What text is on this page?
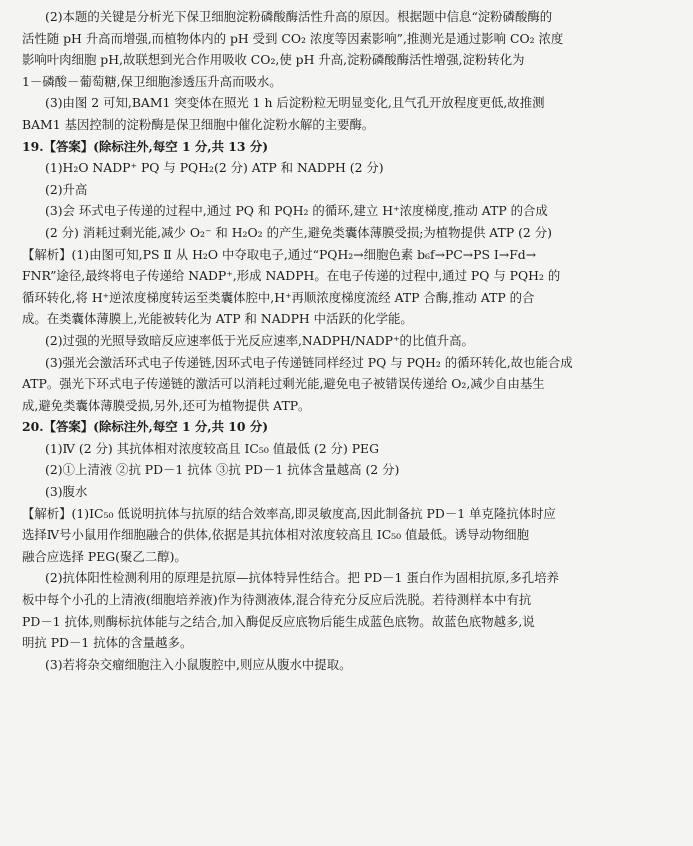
(2)本题的关键是分析光下保卫细胞淀粉磷酸酶活性升高的原因。根据题中信息“淀粉磷酸酶的
活性随 pH 升高而增强,而植物体内的 pH 受到 CO₂ 浓度等因素影响”,推测光是通过影响 CO₂ 浓度
影响叶肉细胞 pH,故联想到光合作用吸收 CO₂,使 pH 升高,淀粉磷酸酶活性增强,淀粉转化为
1－磷酸－葡萄糖,保卫细胞渗透压升高而吸水。
(3)由图 2 可知,BAM1 突变体在照光 1 h 后淀粉粒无明显变化,且气孔开放程度更低,故推测
BAM1 基因控制的淀粉酶是保卫细胞中催化淀粉水解的主要酶。
19.【答案】(除标注外,每空 1 分,共 13 分)
(1)H₂O NADP⁺ PQ 与 PQH₂(2 分) ATP 和 NADPH (2 分)
(2)升高
(3)会 环式电子传递的过程中,通过 PQ 和 PQH₂ 的循环,建立 H⁺浓度梯度,推动 ATP 的合成
(2 分) 消耗过剩光能,减少 O₂⁻ 和 H₂O₂ 的产生,避免类囊体薄膜受损;为植物提供 ATP (2 分)
【解析】(1)由图可知,PS Ⅱ 从 H₂O 中夺取电子,通过“PQH₂→细胞色素 b₆f→PC→PS Ⅰ→Fd→
FNR”途径,最终将电子传递给 NADP⁺,形成 NADPH。在电子传递的过程中,通过 PQ 与 PQH₂ 的
循环转化,将 H⁺逆浓度梯度转运至类囊体腔中,H⁺再顺浓度梯度流经 ATP 合酶,推动 ATP 的合
成。在类囊体薄膜上,光能被转化为 ATP 和 NADPH 中活跃的化学能。
(2)过强的光照导致暗反应速率低于光反应速率,NADPH/NADP⁺的比值升高。
(3)强光会激活环式电子传递链,因环式电子传递链同样经过 PQ 与 PQH₂ 的循环转化,故也能合成
ATP。强光下环式电子传递链的激活可以消耗过剩光能,避免电子被错误传递给 O₂,减少自由基生
成,避免类囊体薄膜受损,另外,还可为植物提供 ATP。
20.【答案】(除标注外,每空 1 分,共 10 分)
(1)Ⅳ (2 分) 其抗体相对浓度较高且 IC₅₀ 值最低 (2 分) PEG
(2)①上清液 ②抗 PD－1 抗体 ③抗 PD－1 抗体含量越高 (2 分)
(3)腹水
【解析】(1)IC₅₀ 低说明抗体与抗原的结合效率高,即灵敏度高,因此制备抗 PD－1 单克隆抗体时应
选择Ⅳ号小鼠用作细胞融合的供体,依据是其抗体相对浓度较高且 IC₅₀ 值最低。诱导动物细胞
融合应选择 PEG(聚乙二醇)。
(2)抗体阳性检测利用的原理是抗原—抗体特异性结合。把 PD－1 蛋白作为固相抗原,多孔培养
板中每个小孔的上清液(细胞培养液)作为待测液体,混合待充分反应后洗脱。若待测样本中有抗
PD－1 抗体,则酶标抗体能与之结合,加入酶促反应底物后能生成蓝色底物。故蓝色底物越多,说
明抗 PD－1 抗体的含量越多。
(3)若将杂交瘤细胞注入小鼠腹腔中,则应从腹水中提取。
